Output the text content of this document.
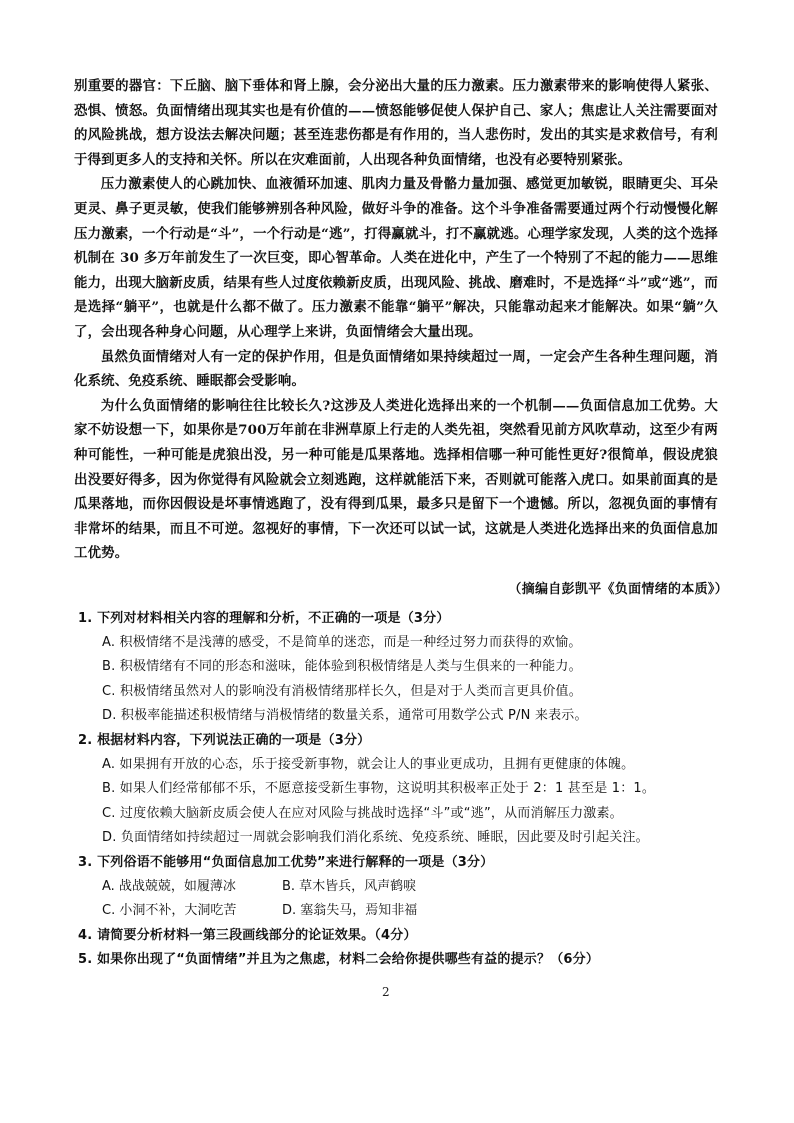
别重要的器官：下丘脑、脑下垂体和肾上腺，会分泌出大量的压力激素。压力激素带来的影响使得人紧张、恐惧、愤怒。负面情绪出现其实也是有价值的——愤怒能够促使人保护自己、家人；焦虑让人关注需要面对的风险挑战，想方设法去解决问题；甚至连悲伤都是有作用的，当人悲伤时，发出的其实是求救信号，有利于得到更多人的支持和关怀。所以在灾难面前，人出现各种负面情绪，也没有必要特别紧张。

压力激素使人的心跳加快、血液循环加速、肌肉力量及骨骼力量加强、感觉更加敏锐，眼睛更尖、耳朵更灵、鼻子更灵敏，使我们能够辨别各种风险，做好斗争的准备。这个斗争准备需要通过两个行动慢慢化解压力激素，一个行动是“斗”，一个行动是“逃”，打得赢就斗，打不赢就逃。心理学家发现，人类的这个选择机制在 30 多万年前发生了一次巨变，即心智革命。人类在进化中，产生了一个特别了不起的能力——思维能力，出现大脑新皮质，结果有些人过度依赖新皮质，出现风险、挑战、磨难时，不是选择“斗”或“逃”，而是选择“躺平”，也就是什么都不做了。压力激素不能靠“躺平”解决，只能靠动起来才能解决。如果“躺”久了，会出现各种身心问题，从心理学上来讲，负面情绪会大量出现。

虽然负面情绪对人有一定的保护作用，但是负面情绪如果持续超过一周，一定会产生各种生理问题，消化系统、免疫系统、睡眠都会受影响。

为什么负面情绪的影响往往比较长久?这涉及人类进化选择出来的一个机制——负面信息加工优势。大家不妨设想一下，如果你是700万年前在非洲草原上行走的人类先祖，突然看见前方风吹草动，这至少有两种可能性，一种可能是虎狼出没，另一种可能是瓜果落地。选择相信哪一种可能性更好?很简单，假设虎狼出没要好得多，因为你觉得有风险就会立刻逃跑，这样就能活下来，否则就可能落入虎口。如果前面真的是瓜果落地，而你因假设是坏事情逃跑了，没有得到瓜果，最多只是留下一个遗憾。所以，忽视负面的事情有非常坏的结果，而且不可逆。忽视好的事情，下一次还可以试一试，这就是人类进化选择出来的负面信息加工优势。

（摘编自彭凯平《负面情绪的本质》）
1. 下列对材料相关内容的理解和分析，不正确的一项是（3分）
A. 积极情绪不是浅薄的感受，不是简单的迷恋，而是一种经过努力而获得的欢愉。
B. 积极情绪有不同的形态和滋味，能体验到积极情绪是人类与生俱来的一种能力。
C. 积极情绪虽然对人的影响没有消极情绪那样长久，但是对于人类而言更具价值。
D. 积极率能描述积极情绪与消极情绪的数量关系，通常可用数学公式 P/N 来表示。
2. 根据材料内容，下列说法正确的一项是（3分）
A. 如果拥有开放的心态，乐于接受新事物，就会让人的事业更成功，且拥有更健康的体魄。
B. 如果人们经常郁郁不乐，不愿意接受新生事物，这说明其积极率正处于 2：1 甚至是 1：1。
C. 过度依赖大脑新皮质会使人在应对风险与挑战时选择“斗”或“逃”，从而消解压力激素。
D. 负面情绪如持续超过一周就会影响我们消化系统、免疫系统、睡眠，因此要及时引起关注。
3. 下列俗语不能够用“负面信息加工优势”来进行解释的一项是（3分）
A. 战战兢兢，如履薄冰	B. 草木皆兵，风声鹤唳
C. 小洞不补，大洞吃苦	D. 塞翁失马，焉知非福
4. 请简要分析材料一第三段画线部分的论证效果。（4分）
5. 如果你出现了“负面情绪”并且为之焦虑，材料二会给你提供哪些有益的提示？（6分）
2
